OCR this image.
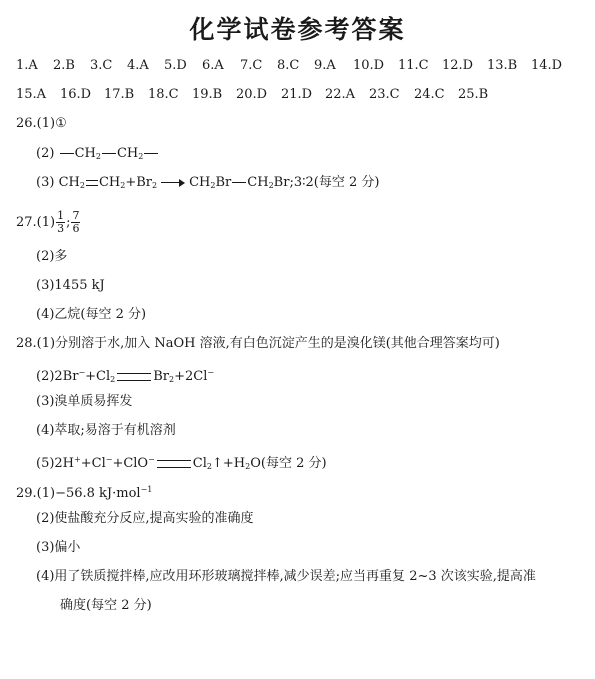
化学试卷参考答案
1.A 2.B 3.C 4.A 5.D 6.A 7.C 8.C 9.A 10.D 11.C 12.D 13.B 14.D
15.A 16.D 17.B 18.C 19.B 20.D 21.D 22.A 23.C 24.C 25.B
26.(1)①
(2) $CH_2$ $CH_2$
(3) $CH_2$ $CH_2+Br_2$ $CH_2Br$ $CH_2Br;3∶2$(每空 2 分)
$27.(1) \frac{1}{3}$ ; $\frac{7}{6}$
(2)多
(3)1455 kJ
(4)乙烷(每空 2 分)
28.(1)分别溶于水,加入 NaOH 溶液,有白色沉淀产生的是溴化镁(其他合理答案均可)
$(2)2Br^-+Cl_2$	$Br_2+2Cl^-$
(3)溴单质易挥发
(4)萃取;易溶于有机溶剂
(5)2H++Cl−+ClO−	$Cl_2↑+H_2O$(每空 2 分)
29.(1)−56.8 kJ·mol$^{-1}$
(2)使盐酸充分反应,提高实验的准确度
(3)偏小
(4)用了铁质搅拌棒,应改用环形玻璃搅拌棒,减少误差;应当再重复 2~3 次该实验,提高准
确度(每空 2 分)
